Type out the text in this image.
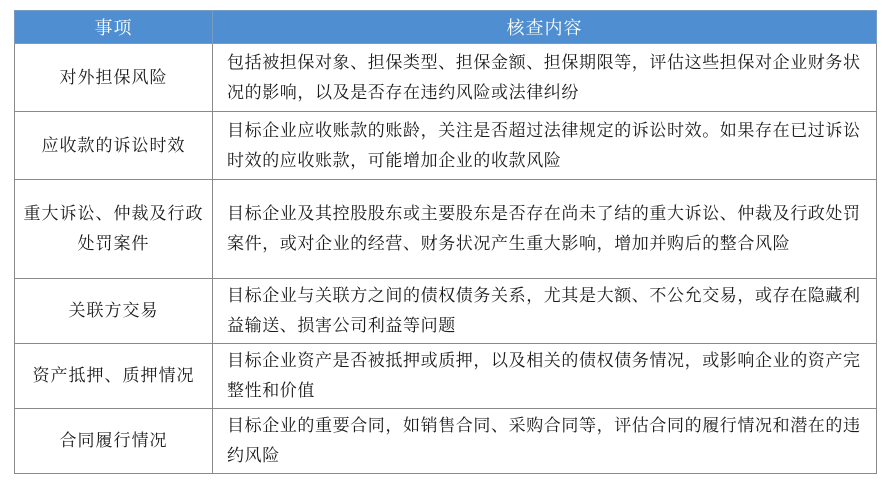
事项	核查内容
对外担保风险	包括被担保对象、担保类型、担保金额、担保期限等，评估这些担保对企业财务状况的影响，以及是否存在违约风险或法律纠纷
应收款的诉讼时效	目标企业应收账款的账龄，关注是否超过法律规定的诉讼时效。如果存在已过诉讼时效的应收账款，可能增加企业的收款风险
重大诉讼、仲裁及行政处罚案件	目标企业及其控股股东或主要股东是否存在尚未了结的重大诉讼、仲裁及行政处罚案件，或对企业的经营、财务状况产生重大影响，增加并购后的整合风险
关联方交易	目标企业与关联方之间的债权债务关系，尤其是大额、不公允交易，或存在隐藏利益输送、损害公司利益等问题
资产抵押、质押情况	目标企业资产是否被抵押或质押，以及相关的债权债务情况，或影响企业的资产完整性和价值
合同履行情况	目标企业的重要合同，如销售合同、采购合同等，评估合同的履行情况和潜在的违约风险
